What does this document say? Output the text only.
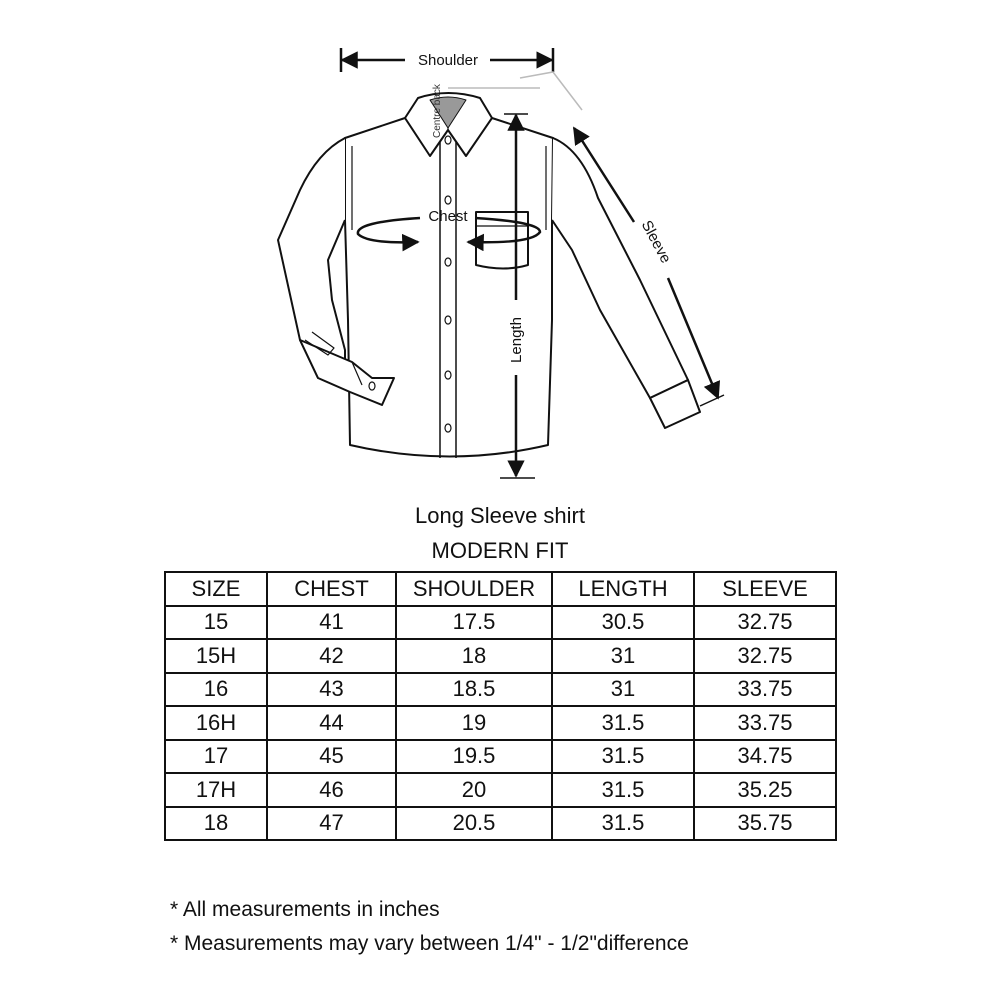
Shoulder
Centre back
Chest
Sleeve
Length
Long Sleeve shirt
MODERN FIT
SIZE	CHEST	SHOULDER	LENGTH	SLEEVE
15	41	17.5	30.5	32.75
15H	42	18	31	32.75
16	43	18.5	31	33.75
16H	44	19	31.5	33.75
17	45	19.5	31.5	34.75
17H	46	20	31.5	35.25
18	47	20.5	31.5	35.75
* All measurements in inches
* Measurements may vary between 1/4" - 1/2"difference
